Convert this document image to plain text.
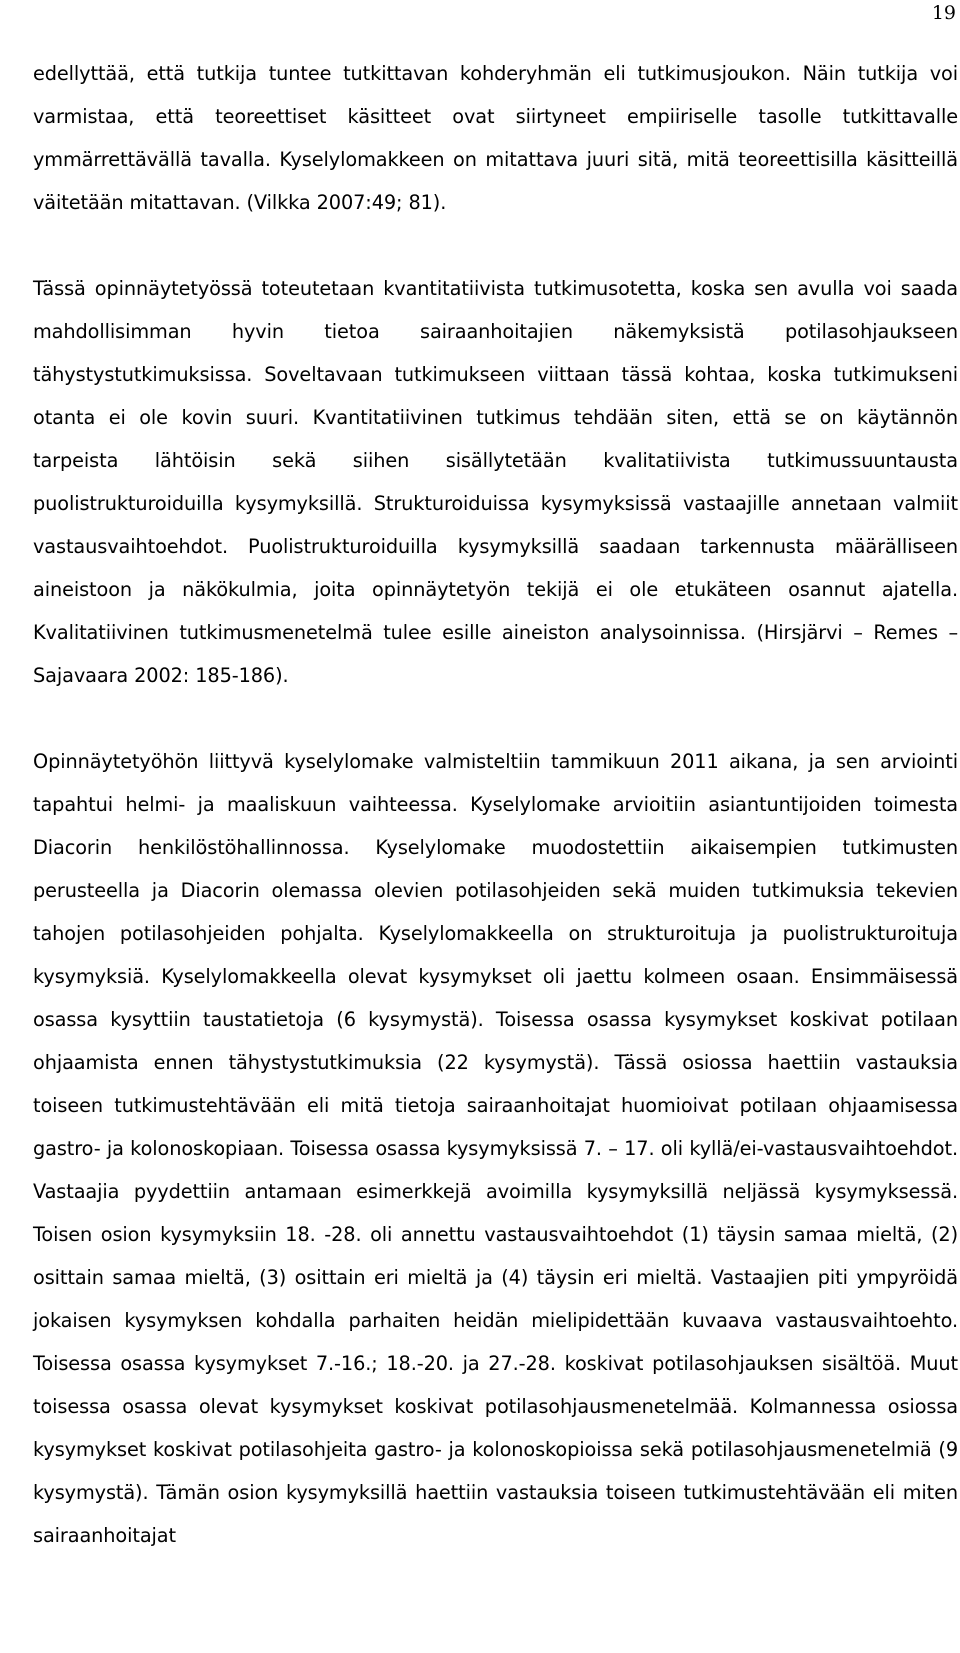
19

edellyttää, että tutkija tuntee tutkittavan kohderyhmän eli tutkimusjoukon. Näin tutkija voi varmistaa, että teoreettiset käsitteet ovat siirtyneet empiiriselle tasolle tutkittavalle ymmärrettävällä tavalla. Kyselylomakkeen on mitattava juuri sitä, mitä teoreettisilla käsitteillä väitetään mitattavan. (Vilkka 2007:49; 81).

Tässä opinnäytetyössä toteutetaan kvantitatiivista tutkimusotetta, koska sen avulla voi saada mahdollisimman hyvin tietoa sairaanhoitajien näkemyksistä potilasohjaukseen tähystystutkimuksissa. Soveltavaan tutkimukseen viittaan tässä kohtaa, koska tutkimukseni otanta ei ole kovin suuri. Kvantitatiivinen tutkimus tehdään siten, että se on käytännön tarpeista lähtöisin sekä siihen sisällytetään kvalitatiivista tutkimussuuntausta puolistrukturoiduilla kysymyksillä. Strukturoiduissa kysymyksissä vastaajille annetaan valmiit vastausvaihtoehdot. Puolistrukturoiduilla kysymyksillä saadaan tarkennusta määrälliseen aineistoon ja näkökulmia, joita opinnäytetyön tekijä ei ole etukäteen osannut ajatella. Kvalitatiivinen tutkimusmenetelmä tulee esille aineiston analysoinnissa. (Hirsjärvi – Remes – Sajavaara 2002: 185-186).

Opinnäytetyöhön liittyvä kyselylomake valmisteltiin tammikuun 2011 aikana, ja sen arviointi tapahtui helmi- ja maaliskuun vaihteessa. Kyselylomake arvioitiin asiantuntijoiden toimesta Diacorin henkilöstöhallinnossa. Kyselylomake muodostettiin aikaisempien tutkimusten perusteella ja Diacorin olemassa olevien potilasohjeiden sekä muiden tutkimuksia tekevien tahojen potilasohjeiden pohjalta. Kyselylomakkeella on strukturoituja ja puolistrukturoituja kysymyksiä. Kyselylomakkeella olevat kysymykset oli jaettu kolmeen osaan. Ensimmäisessä osassa kysyttiin taustatietoja (6 kysymystä). Toisessa osassa kysymykset koskivat potilaan ohjaamista ennen tähystystutkimuksia (22 kysymystä). Tässä osiossa haettiin vastauksia toiseen tutkimustehtävään eli mitä tietoja sairaanhoitajat huomioivat potilaan ohjaamisessa gastro- ja kolonoskopiaan. Toisessa osassa kysymyksissä 7. – 17. oli kyllä/ei-vastausvaihtoehdot. Vastaajia pyydettiin antamaan esimerkkejä avoimilla kysymyksillä neljässä kysymyksessä. Toisen osion kysymyksiin 18. -28. oli annettu vastausvaihtoehdot (1) täysin samaa mieltä, (2) osittain samaa mieltä, (3) osittain eri mieltä ja (4) täysin eri mieltä. Vastaajien piti ympyröidä jokaisen kysymyksen kohdalla parhaiten heidän mielipidettään kuvaava vastausvaihtoehto. Toisessa osassa kysymykset 7.-16.; 18.-20. ja 27.-28. koskivat potilasohjauksen sisältöä. Muut toisessa osassa olevat kysymykset koskivat potilasohjausmenetelmää. Kolmannessa osiossa kysymykset koskivat potilasohjeita gastro- ja kolonoskopioissa sekä potilasohjausmenetelmiä (9 kysymystä). Tämän osion kysymyksillä haettiin vastauksia toiseen tutkimustehtävään eli miten sairaanhoitajat
